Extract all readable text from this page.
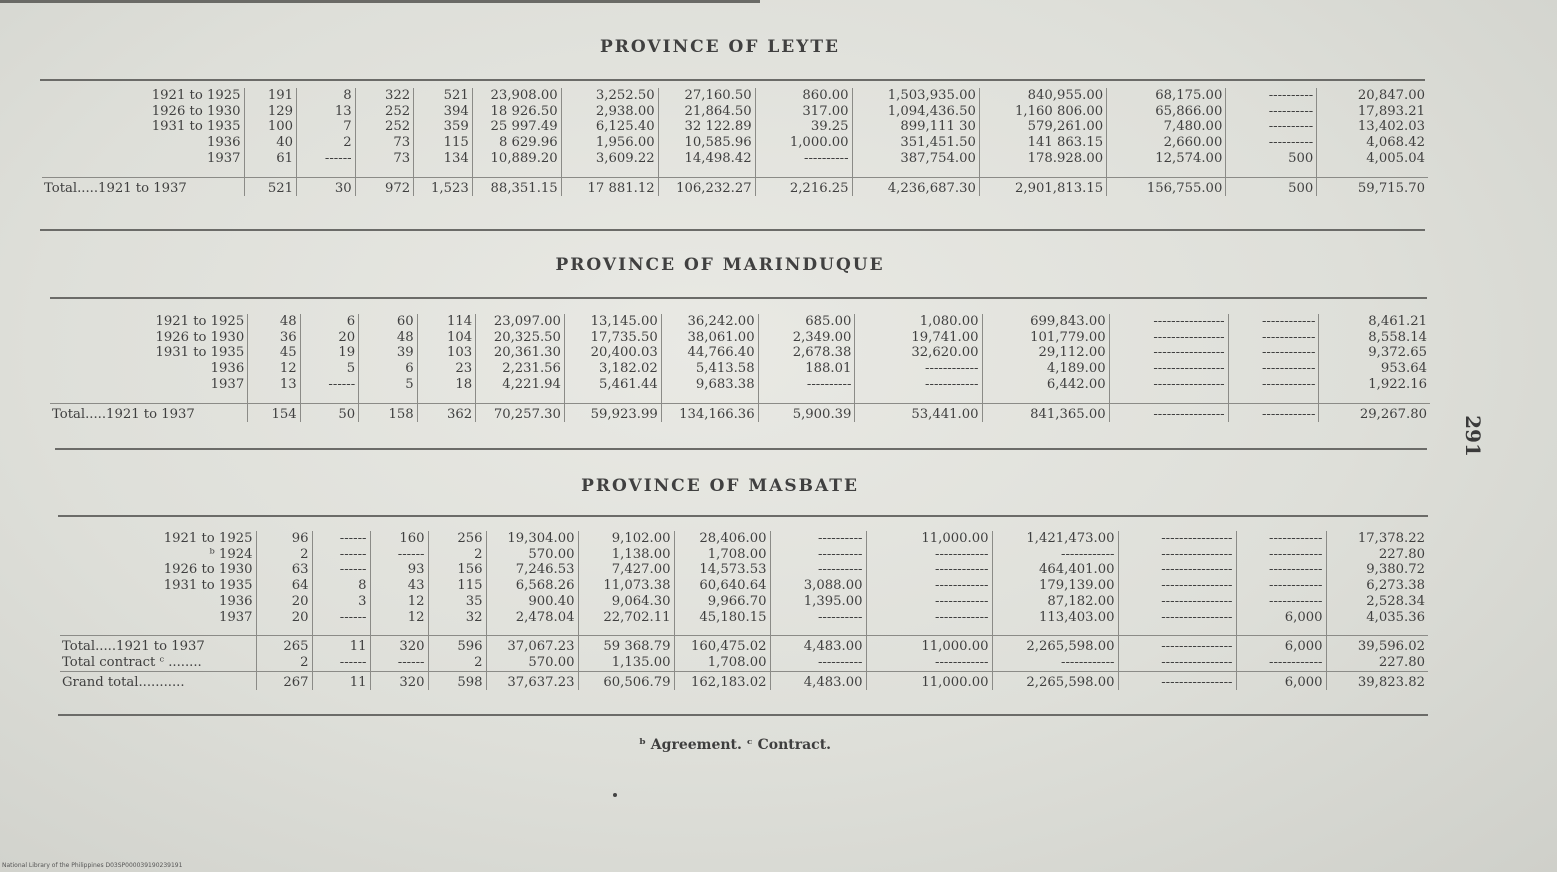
PROVINCE OF LEYTE
1921 to 1925	191	8	322	521	23,908.00	3,252.50	27,160.50	860.00	1,503,935.00	840,955.00	68,175.00	----------	20,847.00
1926 to 1930	129	13	252	394	18 926.50	2,938.00	21,864.50	317.00	1,094,436.50	1,160 806.00	65,866.00	----------	17,893.21
1931 to 1935	100	7	252	359	25 997.49	6,125.40	32 122.89	39.25	899,111 30	579,261.00	7,480.00	----------	13,402.03
1936	40	2	73	115	8 629.96	1,956.00	10,585.96	1,000.00	351,451.50	141 863.15	2,660.00	----------	4,068.42
1937	61	------	73	134	10,889.20	3,609.22	14,498.42	----------	387,754.00	178.928.00	12,574.00	500	4,005.04

Total.....1921 to 1937	521	30	972	1,523	88,351.15	17 881.12	106,232.27	2,216.25	4,236,687.30	2,901,813.15	156,755.00	500	59,715.70
PROVINCE OF MARINDUQUE
1921 to 1925	48	6	60	114	23,097.00	13,145.00	36,242.00	685.00	1,080.00	699,843.00	----------------	------------	8,461.21
1926 to 1930	36	20	48	104	20,325.50	17,735.50	38,061.00	2,349.00	19,741.00	101,779.00	----------------	------------	8,558.14
1931 to 1935	45	19	39	103	20,361.30	20,400.03	44,766.40	2,678.38	32,620.00	29,112.00	----------------	------------	9,372.65
1936	12	5	6	23	2,231.56	3,182.02	5,413.58	188.01	------------	4,189.00	----------------	------------	953.64
1937	13	------	5	18	4,221.94	5,461.44	9,683.38	----------	------------	6,442.00	----------------	------------	1,922.16

Total.....1921 to 1937	154	50	158	362	70,257.30	59,923.99	134,166.36	5,900.39	53,441.00	841,365.00	----------------	------------	29,267.80
PROVINCE OF MASBATE
1921 to 1925	96	------	160	256	19,304.00	9,102.00	28,406.00	----------	11,000.00	1,421,473.00	----------------	------------	17,378.22
ᵇ 1924	2	------	------	2	570.00	1,138.00	1,708.00	----------	------------	------------	----------------	------------	227.80
1926 to 1930	63	------	93	156	7,246.53	7,427.00	14,573.53	----------	------------	464,401.00	----------------	------------	9,380.72
1931 to 1935	64	8	43	115	6,568.26	11,073.38	60,640.64	3,088.00	------------	179,139.00	----------------	------------	6,273.38
1936	20	3	12	35	900.40	9,064.30	9,966.70	1,395.00	------------	87,182.00	----------------	------------	2,528.34
1937	20	------	12	32	2,478.04	22,702.11	45,180.15	----------	------------	113,403.00	----------------	6,000	4,035.36

Total.....1921 to 1937	265	11	320	596	37,067.23	59 368.79	160,475.02	4,483.00	11,000.00	2,265,598.00	----------------	6,000	39,596.02
Total contract ᶜ ........	2	------	------	2	570.00	1,135.00	1,708.00	----------	------------	------------	----------------	------------	227.80
Grand total...........	267	11	320	598	37,637.23	60,506.79	162,183.02	4,483.00	11,000.00	2,265,598.00	----------------	6,000	39,823.82
ᵇ Agreement. ᶜ Contract.
291
National Library of the Philippines D03SP000039190239191
